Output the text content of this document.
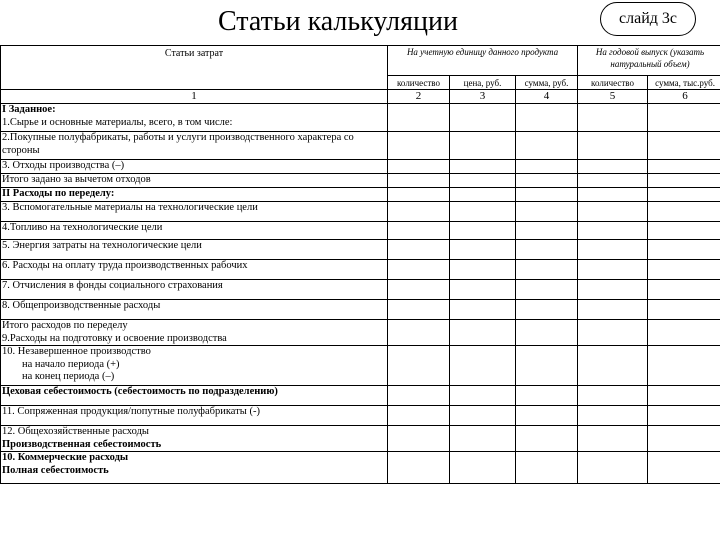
Статьи калькуляции	слайд 3с
Статьи затрат	На учетную единицу данного продукта			На годовой выпуск (указать натуральный объем)	
	количество	цена, руб.	сумма, руб.	количество	сумма, тыс.руб.
1	2	3	4	5	6

I Заданное:
1.Сырье и основные материалы, всего, в том числе:					

2.Покупные полуфабрикаты, работы и услуги производственного характера со стороны					

3. Отходы производства (–)					

Итого задано за вычетом отходов					

II Расходы по переделу:					

3. Вспомогательные материалы на технологические цели					

4.Топливо на технологические цели					

5. Энергия затраты на технологические цели					

6. Расходы на оплату труда производственных рабочих					

7. Отчисления в фонды социального страхования					

8. Общепроизводственные расходы					

Итого расходов по переделу
9.Расходы на подготовку и освоение производства					

10. Незавершенное производство
на начало периода (+)
на конец периода (–)					

Цеховая себестоимость (себестоимость по подразделению)					

11. Сопряженная продукция/попутные полуфабрикаты (-)					

12. Общехозяйственные расходы
Производственная себестоимость					

10. Коммерческие расходы
Полная себестоимость					
